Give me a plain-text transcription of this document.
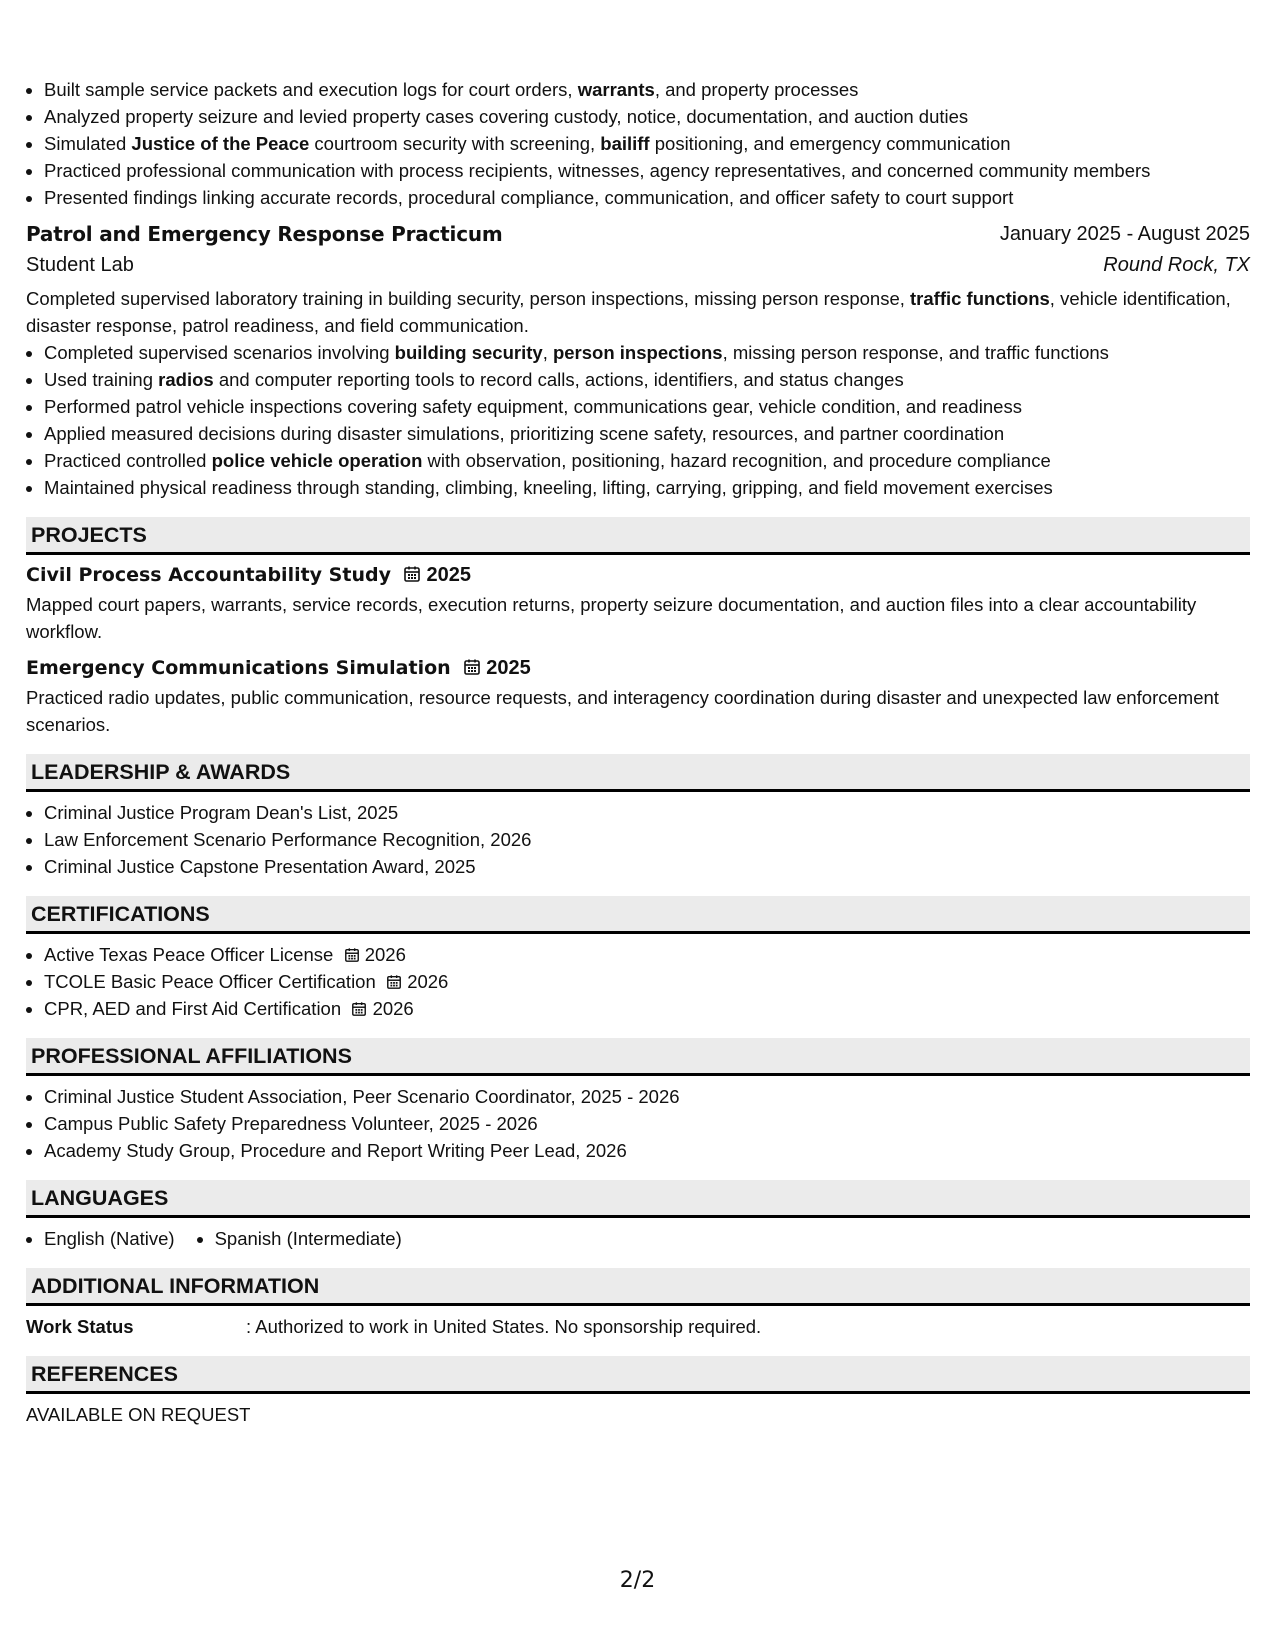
• Built sample service packets and execution logs for court orders, warrants, and property processes
• Analyzed property seizure and levied property cases covering custody, notice, documentation, and auction duties
• Simulated Justice of the Peace courtroom security with screening, bailiff positioning, and emergency communication
• Practiced professional communication with process recipients, witnesses, agency representatives, and concerned community members
• Presented findings linking accurate records, procedural compliance, communication, and officer safety to court support
Patrol and Emergency Response Practicum	January 2025 - August 2025
Student Lab	Round Rock, TX
Completed supervised laboratory training in building security, person inspections, missing person response, traffic functions, vehicle identification, disaster response, patrol readiness, and field communication.
• Completed supervised scenarios involving building security, person inspections, missing person response, and traffic functions
• Used training radios and computer reporting tools to record calls, actions, identifiers, and status changes
• Performed patrol vehicle inspections covering safety equipment, communications gear, vehicle condition, and readiness
• Applied measured decisions during disaster simulations, prioritizing scene safety, resources, and partner coordination
• Practiced controlled police vehicle operation with observation, positioning, hazard recognition, and procedure compliance
• Maintained physical readiness through standing, climbing, kneeling, lifting, carrying, gripping, and field movement exercises
PROJECTS
Civil Process Accountability Study	2025
Mapped court papers, warrants, service records, execution returns, property seizure documentation, and auction files into a clear accountability workflow.
Emergency Communications Simulation	2025
Practiced radio updates, public communication, resource requests, and interagency coordination during disaster and unexpected law enforcement scenarios.
LEADERSHIP & AWARDS
• Criminal Justice Program Dean's List, 2025
• Law Enforcement Scenario Performance Recognition, 2026
• Criminal Justice Capstone Presentation Award, 2025
CERTIFICATIONS
• Active Texas Peace Officer License 2026
• TCOLE Basic Peace Officer Certification 2026
• CPR, AED and First Aid Certification 2026
PROFESSIONAL AFFILIATIONS
• Criminal Justice Student Association, Peer Scenario Coordinator, 2025 - 2026
• Campus Public Safety Preparedness Volunteer, 2025 - 2026
• Academy Study Group, Procedure and Report Writing Peer Lead, 2026
LANGUAGES
• English (Native)
• Spanish (Intermediate)
ADDITIONAL INFORMATION
Work Status	: Authorized to work in United States. No sponsorship required.
REFERENCES
AVAILABLE ON REQUEST
2/2
